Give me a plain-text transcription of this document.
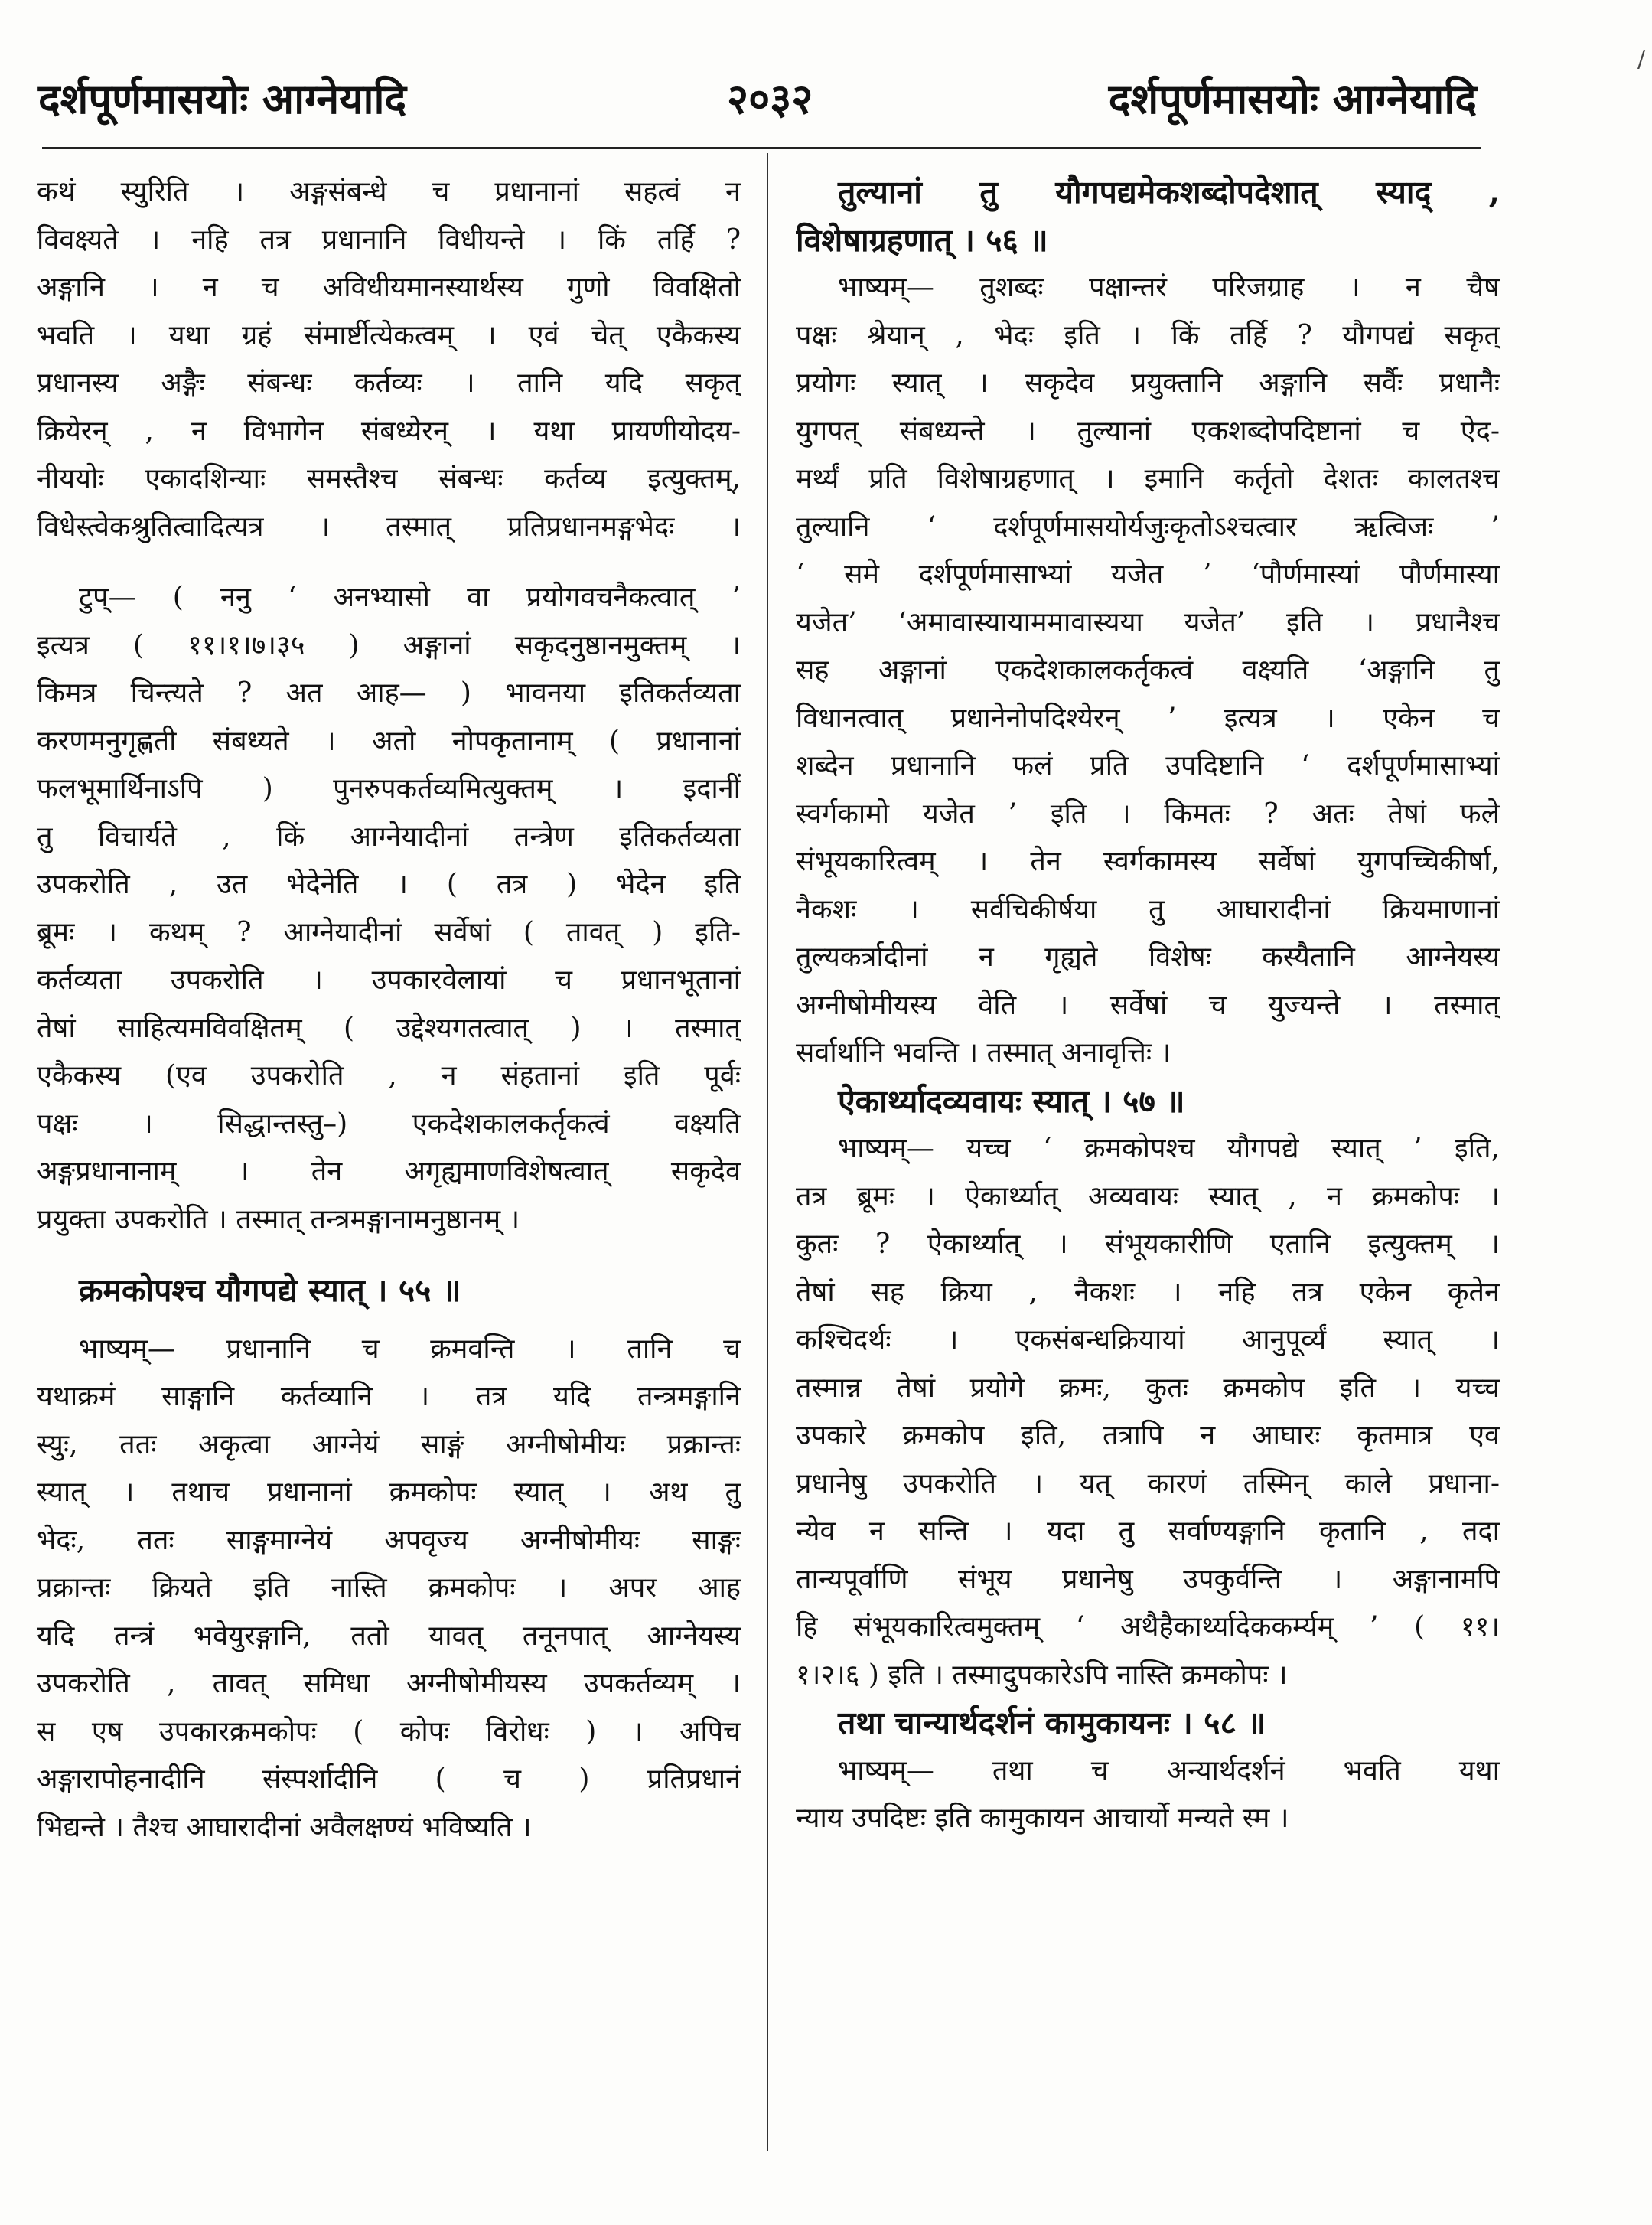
दर्शपूर्णमासयोः आग्नेयादि	२०३२	दर्शपूर्णमासयोः आग्नेयादि
/
कथं स्युरिति । अङ्गसंबन्धे च प्रधानानां सहत्वं न
विवक्ष्यते । नहि तत्र प्रधानानि विधीयन्ते । किं तर्हि ?
अङ्गानि । न च अविधीयमानस्यार्थस्य गुणो विवक्षितो
भवति । यथा ग्रहं संमार्ष्टीत्येकत्वम् । एवं चेत् एकैकस्य
प्रधानस्य अङ्गैः संबन्धः कर्तव्यः । तानि यदि सकृत्
क्रियेरन् , न विभागेन संबध्येरन् । यथा प्रायणीयोदय-
नीययोः एकादशिन्याः समस्तैश्च संबन्धः कर्तव्य इत्युक्तम्,
विधेस्त्वेकश्रुतित्वादित्यत्र । तस्मात् प्रतिप्रधानमङ्गभेदः ।
टुप्— ( ननु ‘ अनभ्यासो वा प्रयोगवचनैकत्वात् ’
इत्यत्र ( ११।१।७।३५ ) अङ्गानां सकृदनुष्ठानमुक्तम् ।
किमत्र चिन्त्यते ? अत आह— ) भावनया इतिकर्तव्यता
करणमनुगृह्णती संबध्यते । अतो नोपकृतानाम् ( प्रधानानां
फलभूमार्थिनाऽपि ) पुनरुपकर्तव्यमित्युक्तम् । इदानीं
तु विचार्यते , किं आग्नेयादीनां तन्त्रेण इतिकर्तव्यता
उपकरोति , उत भेदेनेति । ( तत्र ) भेदेन इति
ब्रूमः । कथम् ? आग्नेयादीनां सर्वेषां ( तावत् ) इति-
कर्तव्यता उपकरोति । उपकारवेलायां च प्रधानभूतानां
तेषां साहित्यमविवक्षितम् ( उद्देश्यगतत्वात् ) । तस्मात्
एकैकस्य (एव उपकरोति , न संहतानां इति पूर्वः
पक्षः । सिद्धान्तस्तु–) एकदेशकालकर्तृकत्वं वक्ष्यति
अङ्गप्रधानानाम् । तेन अगृह्यमाणविशेषत्वात् सकृदेव
प्रयुक्ता उपकरोति । तस्मात् तन्त्रमङ्गानामनुष्ठानम् ।
क्रमकोपश्च यौगपद्ये स्यात् । ५५ ॥
भाष्यम्— प्रधानानि च क्रमवन्ति । तानि च
यथाक्रमं साङ्गानि कर्तव्यानि । तत्र यदि तन्त्रमङ्गानि
स्युः, ततः अकृत्वा आग्नेयं साङ्गं अग्नीषोमीयः प्रक्रान्तः
स्यात् । तथाच प्रधानानां क्रमकोपः स्यात् । अथ तु
भेदः, ततः साङ्गमाग्नेयं अपवृज्य अग्नीषोमीयः साङ्गः
प्रक्रान्तः क्रियते इति नास्ति क्रमकोपः । अपर आह
यदि तन्त्रं भवेयुरङ्गानि, ततो यावत् तनूनपात् आग्नेयस्य
उपकरोति , तावत् समिधा अग्नीषोमीयस्य उपकर्तव्यम् ।
स एष उपकारक्रमकोपः ( कोपः विरोधः ) । अपिच
अङ्गारापोहनादीनि संस्पर्शादीनि ( च ) प्रतिप्रधानं
भिद्यन्ते । तैश्च आघारादीनां अवैलक्षण्यं भविष्यति ।
तुल्यानां तु यौगपद्यमेकशब्दोपदेशात् स्याद् ,
विशेषाग्रहणात् । ५६ ॥
भाष्यम्— तुशब्दः पक्षान्तरं परिजग्राह । न चैष
पक्षः श्रेयान् , भेदः इति । किं तर्हि ? यौगपद्यं सकृत्
प्रयोगः स्यात् । सकृदेव प्रयुक्तानि अङ्गानि सर्वैः प्रधानैः
युगपत् संबध्यन्ते । तुल्यानां एकशब्दोपदिष्टानां च ऐद-
मर्थ्यं प्रति विशेषाग्रहणात् । इमानि कर्तृतो देशतः कालतश्च
तुल्यानि ‘ दर्शपूर्णमासयोर्यजुःकृतोऽश्चत्वार ऋत्विजः ’
‘ समे दर्शपूर्णमासाभ्यां यजेत ’ ‘पौर्णमास्यां पौर्णमास्या
यजेत’ ‘अमावास्यायाममावास्यया यजेत’ इति । प्रधानैश्च
सह अङ्गानां एकदेशकालकर्तृकत्वं वक्ष्यति ‘अङ्गानि तु
विधानत्वात् प्रधानेनोपदिश्येरन् ’ इत्यत्र । एकेन च
शब्देन प्रधानानि फलं प्रति उपदिष्टानि ‘ दर्शपूर्णमासाभ्यां
स्वर्गकामो यजेत ’ इति । किमतः ? अतः तेषां फले
संभूयकारित्वम् । तेन स्वर्गकामस्य सर्वेषां युगपच्चिकीर्षा,
नैकशः । सर्वचिकीर्षया तु आघारादीनां क्रियमाणानां
तुल्यकर्त्रादीनां न गृह्यते विशेषः कस्यैतानि आग्नेयस्य
अग्नीषोमीयस्य वेति । सर्वेषां च युज्यन्ते । तस्मात्
सर्वार्थानि भवन्ति । तस्मात् अनावृत्तिः ।
ऐकार्थ्यादव्यवायः स्यात् । ५७ ॥
भाष्यम्— यच्च ‘ क्रमकोपश्च यौगपद्ये स्यात् ’ इति,
तत्र ब्रूमः । ऐकार्थ्यात् अव्यवायः स्यात् , न क्रमकोपः ।
कुतः ? ऐकार्थ्यात् । संभूयकारीणि एतानि इत्युक्तम् ।
तेषां सह क्रिया , नैकशः । नहि तत्र एकेन कृतेन
कश्चिदर्थः । एकसंबन्धक्रियायां आनुपूर्व्यं स्यात् ।
तस्मान्न तेषां प्रयोगे क्रमः, कुतः क्रमकोप इति । यच्च
उपकारे क्रमकोप इति, तत्रापि न आघारः कृतमात्र एव
प्रधानेषु उपकरोति । यत् कारणं तस्मिन् काले प्रधाना-
न्येव न सन्ति । यदा तु सर्वाण्यङ्गानि कृतानि , तदा
तान्यपूर्वाणि संभूय प्रधानेषु उपकुर्वन्ति । अङ्गानामपि
हि संभूयकारित्वमुक्तम् ‘ अथैहैकार्थ्यादेककर्म्यम् ’ ( ११।
१।२।६ ) इति । तस्मादुपकारेऽपि नास्ति क्रमकोपः ।
तथा चान्यार्थदर्शनं कामुकायनः । ५८ ॥
भाष्यम्— तथा च अन्यार्थदर्शनं भवति यथा
न्याय उपदिष्टः इति कामुकायन आचार्यो मन्यते स्म ।
